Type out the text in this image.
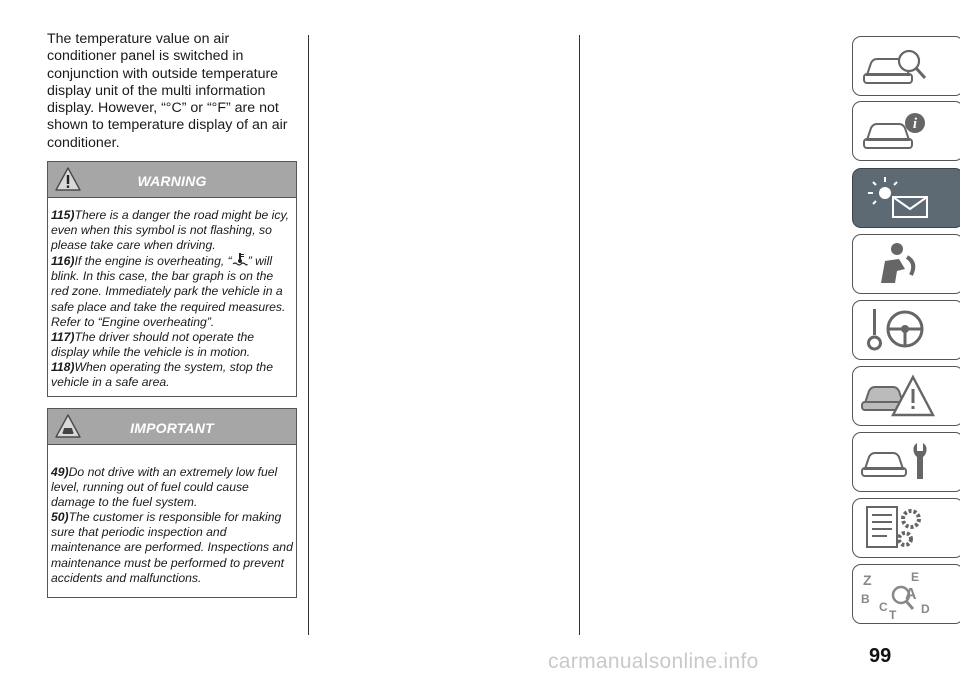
The temperature value on air conditioner panel is switched in conjunction with outside temperature display unit of the multi information display. However, “°C” or “°F” are not shown to temperature display of an air conditioner.

WARNING

115)There is a danger the road might be icy, even when this symbol is not flashing, so please take care when driving.

116)If the engine is overheating, “ ” will blink. In this case, the bar graph is on the red zone. Immediately park the vehicle in a safe place and take the required measures. Refer to “Engine overheating”.

117)The driver should not operate the display while the vehicle is in motion.

118)When operating the system, stop the vehicle in a safe area.

IMPORTANT

49)Do not drive with an extremely low fuel level, running out of fuel could cause damage to the fuel system.

50)The customer is responsible for making sure that periodic inspection and maintenance are performed. Inspections and maintenance must be performed to prevent accidents and malfunctions.

i
Z	E
A
B
C	D
T
carmanualsonline.info	99
